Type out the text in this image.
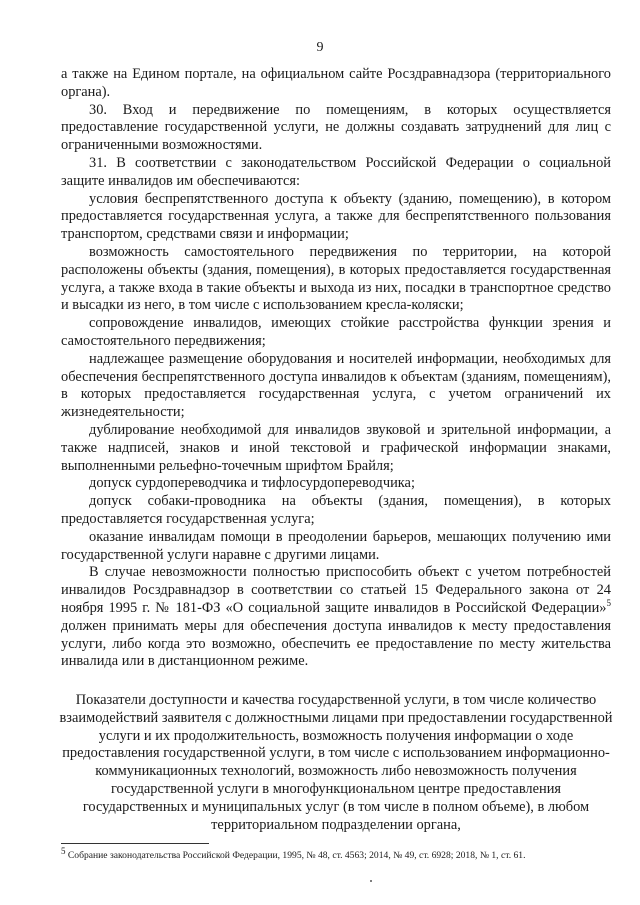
9

а также на Едином портале, на официальном сайте Росздравнадзора (территориального органа).

30. Вход и передвижение по помещениям, в которых осуществляется предоставление государственной услуги, не должны создавать затруднений для лиц с ограниченными возможностями.

31. В соответствии с законодательством Российской Федерации о социальной защите инвалидов им обеспечиваются:

условия беспрепятственного доступа к объекту (зданию, помещению), в котором предоставляется государственная услуга, а также для беспрепятственного пользования транспортом, средствами связи и информации;

возможность самостоятельного передвижения по территории, на которой расположены объекты (здания, помещения), в которых предоставляется государственная услуга, а также входа в такие объекты и выхода из них, посадки в транспортное средство и высадки из него, в том числе с использованием кресла-коляски;

сопровождение инвалидов, имеющих стойкие расстройства функции зрения и самостоятельного передвижения;

надлежащее размещение оборудования и носителей информации, необходимых для обеспечения беспрепятственного доступа инвалидов к объектам (зданиям, помещениям), в которых предоставляется государственная услуга, с учетом ограничений их жизнедеятельности;

дублирование необходимой для инвалидов звуковой и зрительной информации, а также надписей, знаков и иной текстовой и графической информации знаками, выполненными рельефно-точечным шрифтом Брайля;

допуск сурдопереводчика и тифлосурдопереводчика;

допуск собаки-проводника на объекты (здания, помещения), в которых предоставляется государственная услуга;

оказание инвалидам помощи в преодолении барьеров, мешающих получению ими государственной услуги наравне с другими лицами.

В случае невозможности полностью приспособить объект с учетом потребностей инвалидов Росздравнадзор в соответствии со статьей 15 Федерального закона от 24 ноября 1995 г. № 181-ФЗ «О социальной защите инвалидов в Российской Федерации»$^5$ должен принимать меры для обеспечения доступа инвалидов к месту предоставления услуги, либо когда это возможно, обеспечить ее предоставление по месту жительства инвалида или в дистанционном режиме.

Показатели доступности и качества государственной услуги, в том числе количество взаимодействий заявителя с должностными лицами при предоставлении государственной услуги и их продолжительность, возможность получения информации о ходе предоставления государственной услуги, в том числе с использованием информационно-коммуникационных технологий, возможность либо невозможность получения государственной услуги в многофункциональном центре предоставления государственных и муниципальных услуг (в том числе в полном объеме), в любом территориальном подразделении органа,
$^5$ Собрание законодательства Российской Федерации, 1995, № 48, ст. 4563; 2014, № 49, ст. 6928; 2018, № 1, ст. 61.
